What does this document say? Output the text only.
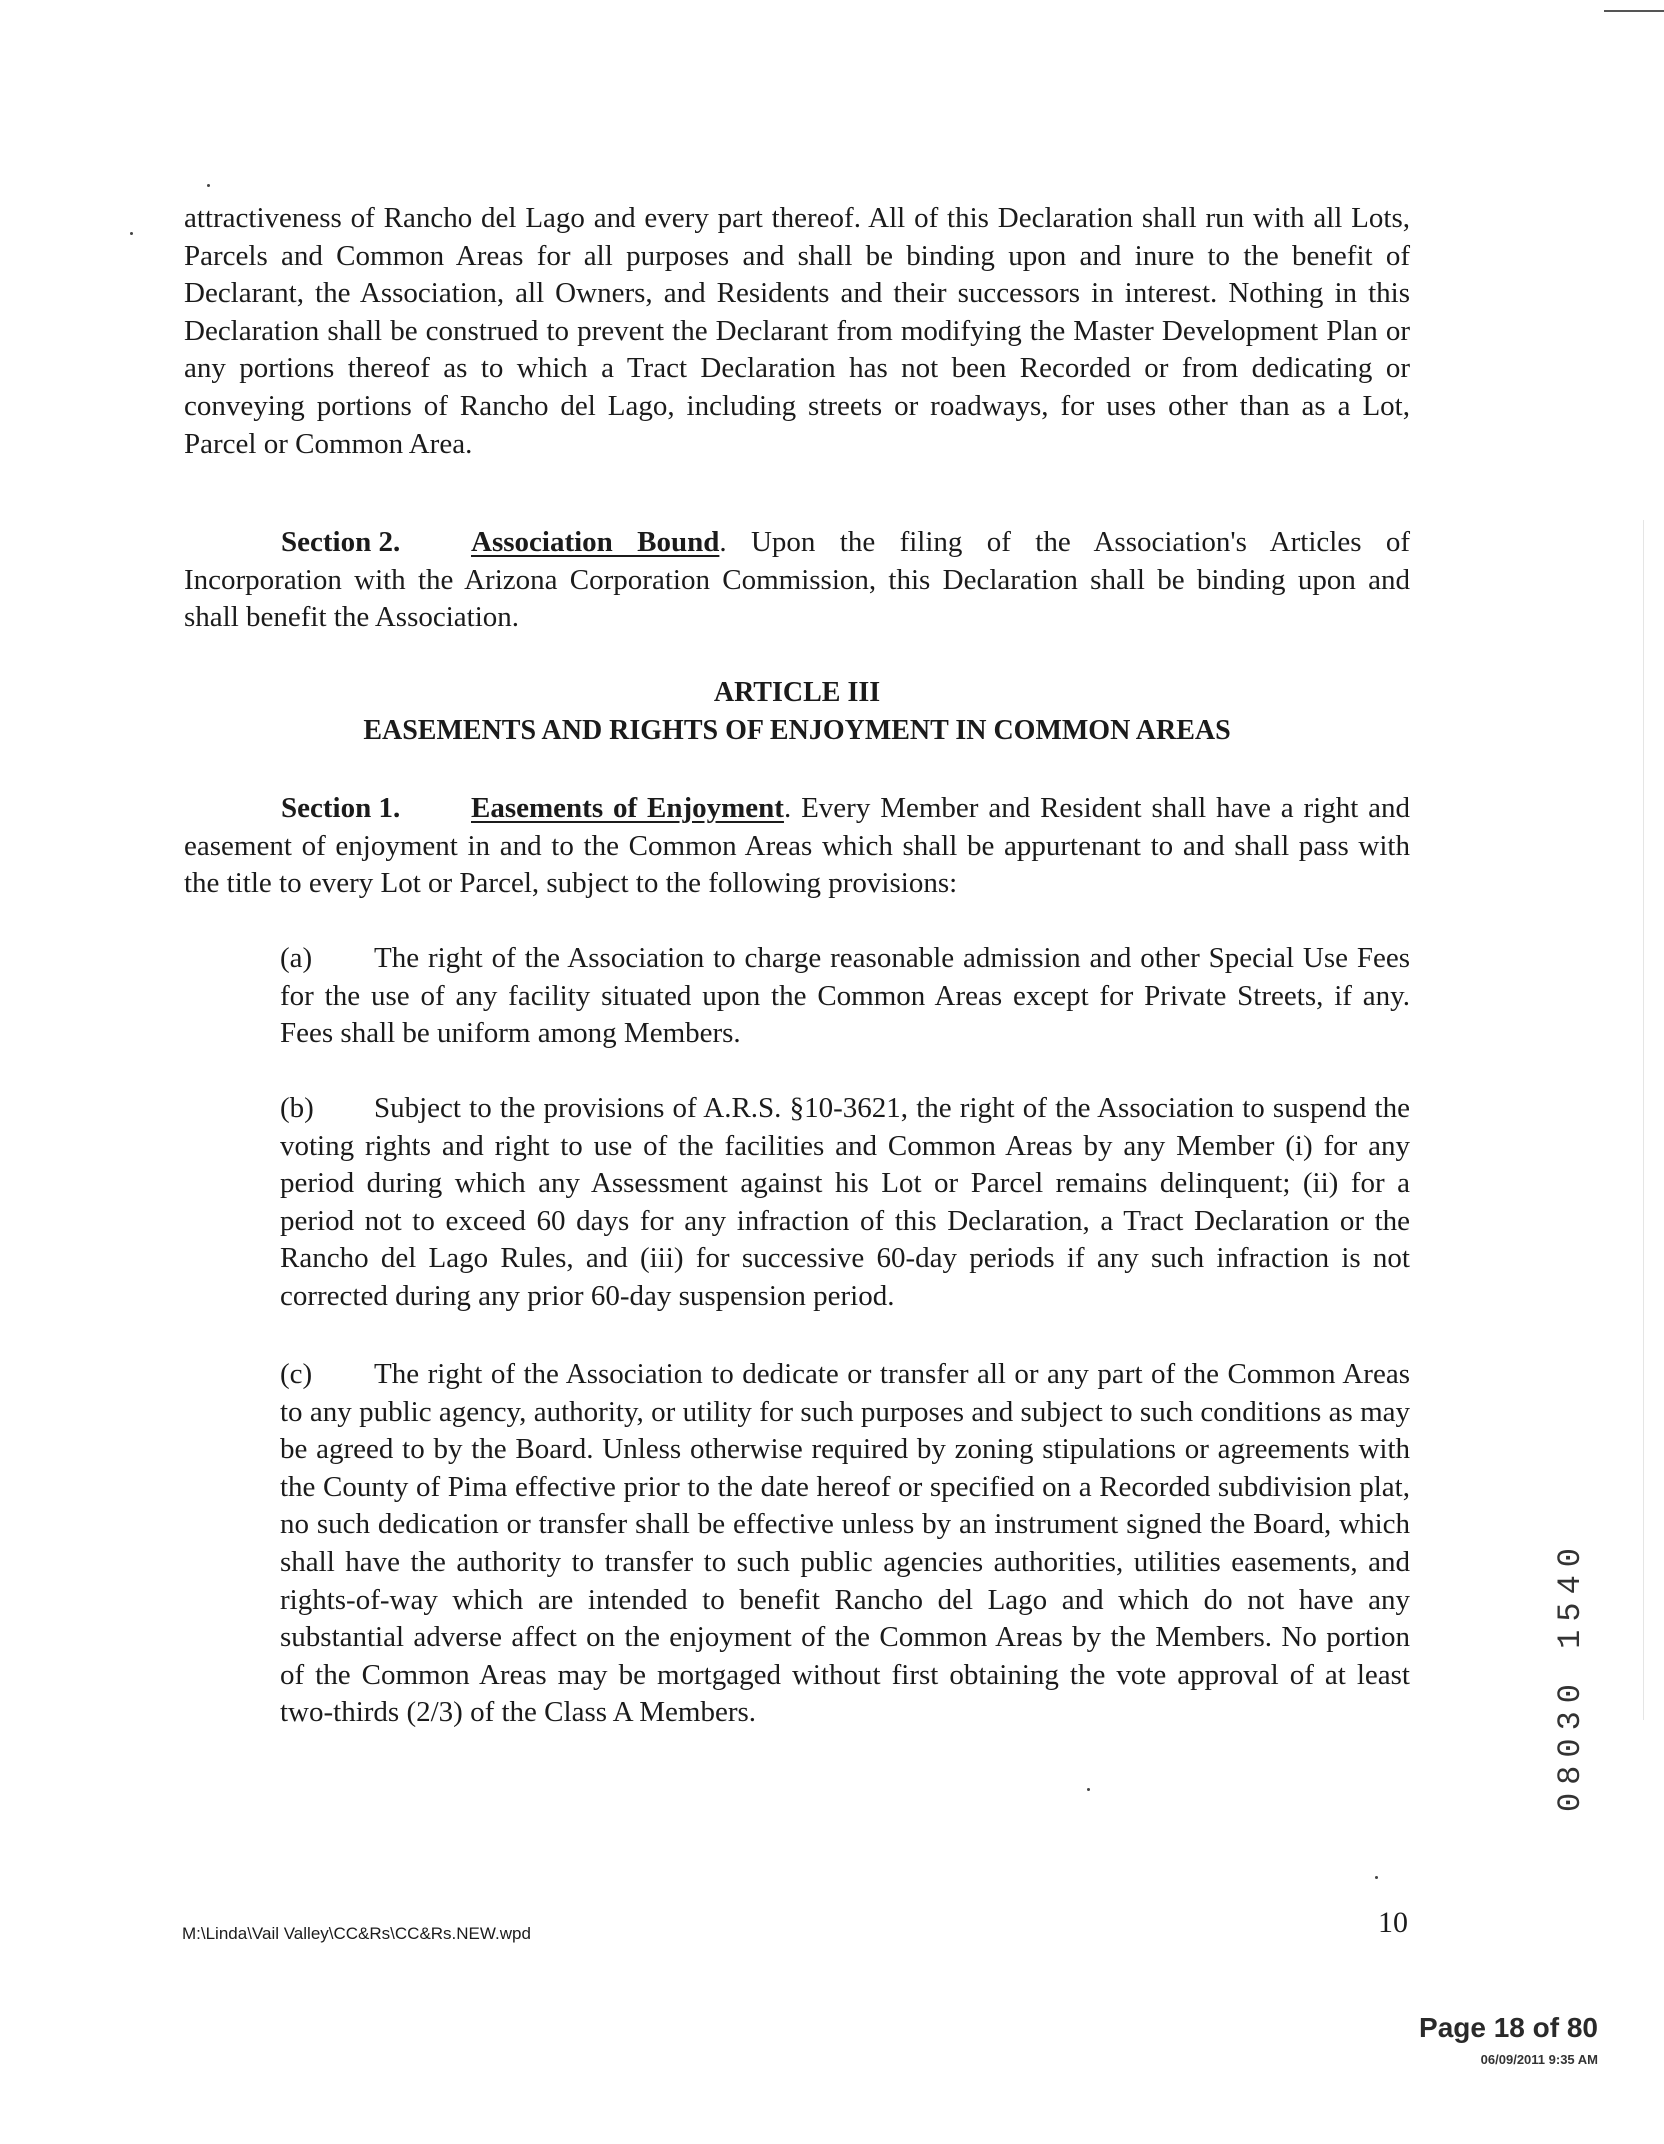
attractiveness of Rancho del Lago and every part thereof. All of this Declaration shall run with all Lots, Parcels and Common Areas for all purposes and shall be binding upon and inure to the benefit of Declarant, the Association, all Owners, and Residents and their successors in interest. Nothing in this Declaration shall be construed to prevent the Declarant from modifying the Master Development Plan or any portions thereof as to which a Tract Declaration has not been Recorded or from dedicating or conveying portions of Rancho del Lago, including streets or roadways, for uses other than as a Lot, Parcel or Common Area.

Section 2. Association Bound. Upon the filing of the Association's Articles of Incorporation with the Arizona Corporation Commission, this Declaration shall be binding upon and shall benefit the Association.

ARTICLE III
EASEMENTS AND RIGHTS OF ENJOYMENT IN COMMON AREAS

Section 1. Easements of Enjoyment. Every Member and Resident shall have a right and easement of enjoyment in and to the Common Areas which shall be appurtenant to and shall pass with the title to every Lot or Parcel, subject to the following provisions:

(a) The right of the Association to charge reasonable admission and other Special Use Fees for the use of any facility situated upon the Common Areas except for Private Streets, if any. Fees shall be uniform among Members.
(b) Subject to the provisions of A.R.S. §10-3621, the right of the Association to suspend the voting rights and right to use of the facilities and Common Areas by any Member (i) for any period during which any Assessment against his Lot or Parcel remains delinquent; (ii) for a period not to exceed 60 days for any infraction of this Declaration, a Tract Declaration or the Rancho del Lago Rules, and (iii) for successive 60-day periods if any such infraction is not corrected during any prior 60-day suspension period.
(c) The right of the Association to dedicate or transfer all or any part of the Common Areas to any public agency, authority, or utility for such purposes and subject to such conditions as may be agreed to by the Board. Unless otherwise required by zoning stipulations or agreements with the County of Pima effective prior to the date hereof or specified on a Recorded subdivision plat, no such dedication or transfer shall be effective unless by an instrument signed the Board, which shall have the authority to transfer to such public agencies authorities, utilities easements, and rights-of-way which are intended to benefit Rancho del Lago and which do not have any substantial adverse affect on the enjoyment of the Common Areas by the Members. No portion of the Common Areas may be mortgaged without first obtaining the vote approval of at least two-thirds (2/3) of the Class A Members.	08030 1540
M:\Linda\Vail Valley\CC&Rs\CC&Rs.NEW.wpd	10
Page 18 of 80
06/09/2011 9:35 AM
